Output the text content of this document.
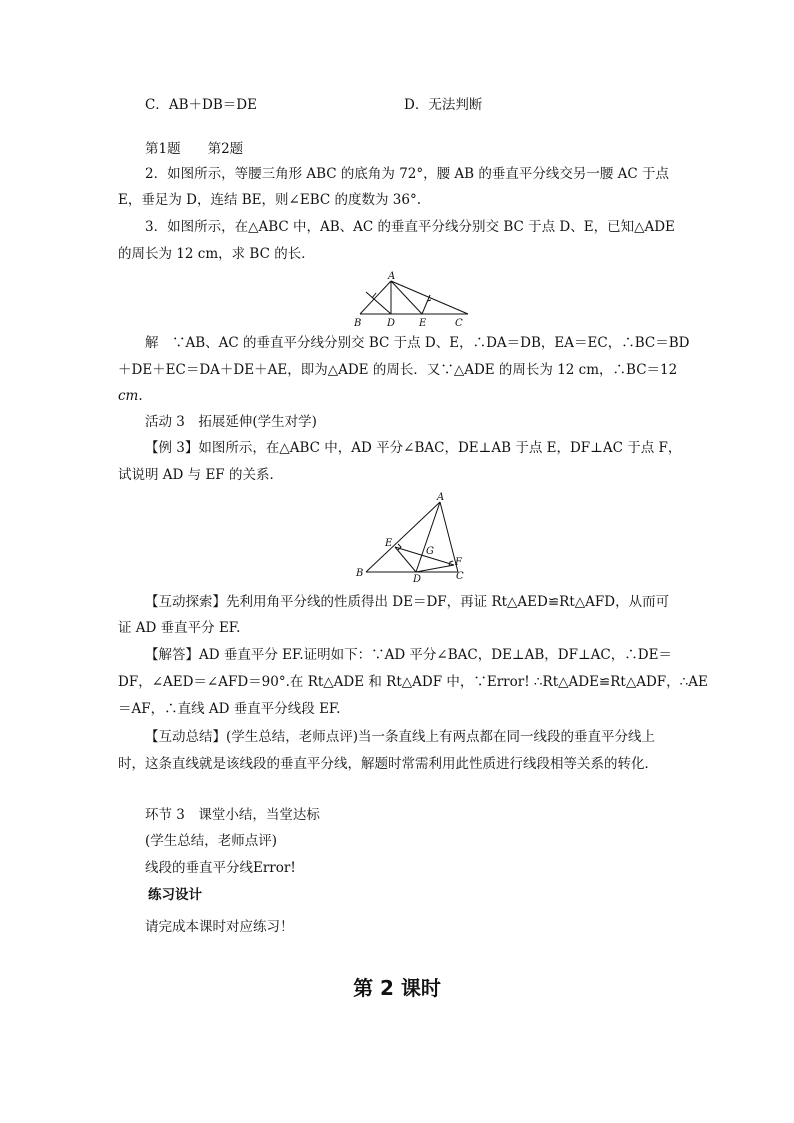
C．AB＋DB＝DE	D．无法判断
第1题　　第2题
2．如图所示，等腰三角形 ABC 的底角为 72°，腰 AB 的垂直平分线交另一腰 AC 于点
E，垂足为 D，连结 BE，则∠EBC 的度数为 36°.
3．如图所示，在△ABC 中，AB、AC 的垂直平分线分别交 BC 于点 D、E，已知△ADE
的周长为 12 cm，求 BC 的长．
A
B	D E	C
解　∵AB、AC 的垂直平分线分别交 BC 于点 D、E，∴DA＝DB，EA＝EC，∴BC＝BD
＋DE＋EC＝DA＋DE＋AE，即为△ADE 的周长．又∵△ADE 的周长为 12 cm，∴BC＝12
cm.
活动 3　拓展延伸(学生对学)
【例 3】如图所示，在△ABC 中，AD 平分∠BAC，DE⊥AB 于点 E，DF⊥AC 于点 F，
试说明 AD 与 EF 的关系．
A
E
G
F
B
D	C
【互动探索】先利用角平分线的性质得出 DE＝DF，再证 Rt△AED≌Rt△AFD，从而可
证 AD 垂直平分 EF.
【解答】AD 垂直平分 EF.证明如下：∵AD 平分∠BAC，DE⊥AB，DF⊥AC，∴DE＝
DF，∠AED＝∠AFD＝90°.在 Rt△ADE 和 Rt△ADF 中，∵Error! ∴Rt△ADE≌Rt△ADF，∴AE
＝AF，∴直线 AD 垂直平分线段 EF.
【互动总结】(学生总结，老师点评)当一条直线上有两点都在同一线段的垂直平分线上
时，这条直线就是该线段的垂直平分线，解题时常需利用此性质进行线段相等关系的转化．
环节 3　课堂小结，当堂达标
(学生总结，老师点评)
线段的垂直平分线Error!
练习设计
请完成本课时对应练习！
第 2 课时
